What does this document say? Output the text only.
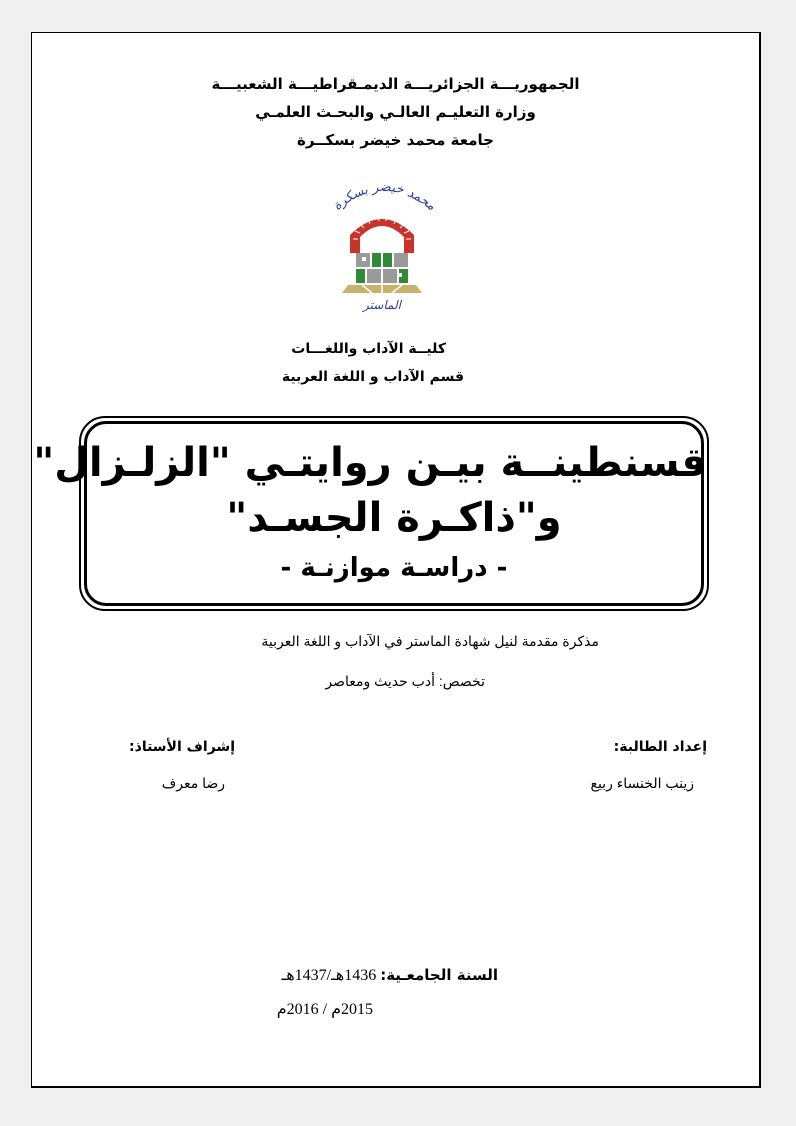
الجمهوريـــة الجزائريـــة الديمـقراطيـــة الشعبيـــة
وزارة التعليـم العالـي والبحـث العلمـي
جامعة محمد خيضر بسكــرة
محمد خيضر بسكرة
الماستر
كليــة الآداب واللغـــات
قسم الآداب و اللغة العربية
قسنطينــة بيـن روايتـي "الزلـزال"
و"ذاكـرة الجسـد"
- دراسـة موازنـة -
مذكرة مقدمة لنيل شهادة الماستر في الآداب و اللغة العربية
تخصص: أدب حديث ومعاصر
إعداد الطالبة:
زينب الخنساء ربيع
إشراف الأستاذ:
رضا معرف
السنة الجامعـية: 1436هـ/1437هـ
2015م / 2016م
